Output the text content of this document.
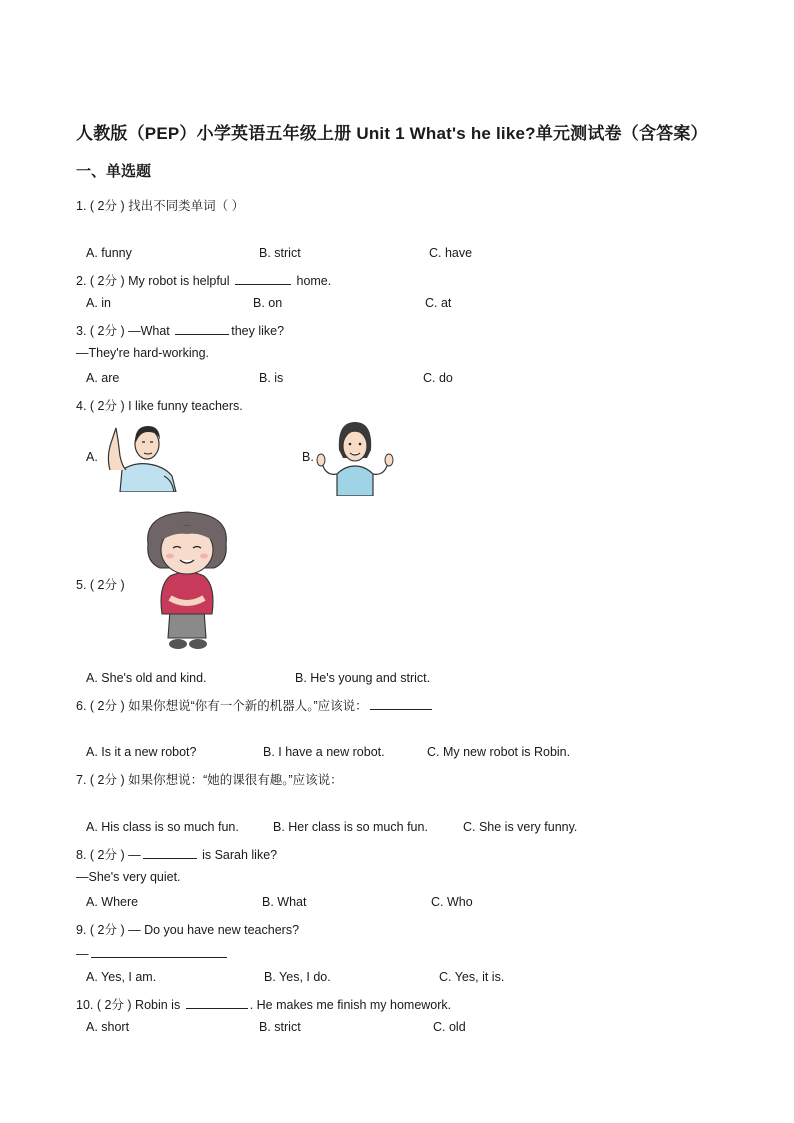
人教版（PEP）小学英语五年级上册 Unit 1 What's he like?单元测试卷（含答案）
一、单选题
1. ( 2分 ) 找出不同类单词（ ）
A. funny	B. strict	C. have
2. ( 2分 ) My robot is helpful	home.
A. in	B. on	C. at
3. ( 2分 ) —What	they like?
—They're hard-working.
A. are	B. is	C. do
4. ( 2分 ) I like funny teachers.
A.	B.
5. ( 2分 )
A. She's old and kind.	B. He's young and strict.
6. ( 2分 ) 如果你想说“你有一个新的机器人。”应该说：
A. Is it a new robot?	B. I have a new robot.	C. My new robot is Robin.
7. ( 2分 ) 如果你想说：“她的课很有趣。”应该说：
A. His class is so much fun.	B. Her class is so much fun.	C. She is very funny.
8. ( 2分 ) —	is Sarah like?
—She's very quiet.
A. Where	B. What	C. Who
9. ( 2分 ) — Do you have new teachers?
—
A. Yes, I am.	B. Yes, I do.	C. Yes, it is.
10. ( 2分 ) Robin is	. He makes me finish my homework.
A. short	B. strict	C. old
